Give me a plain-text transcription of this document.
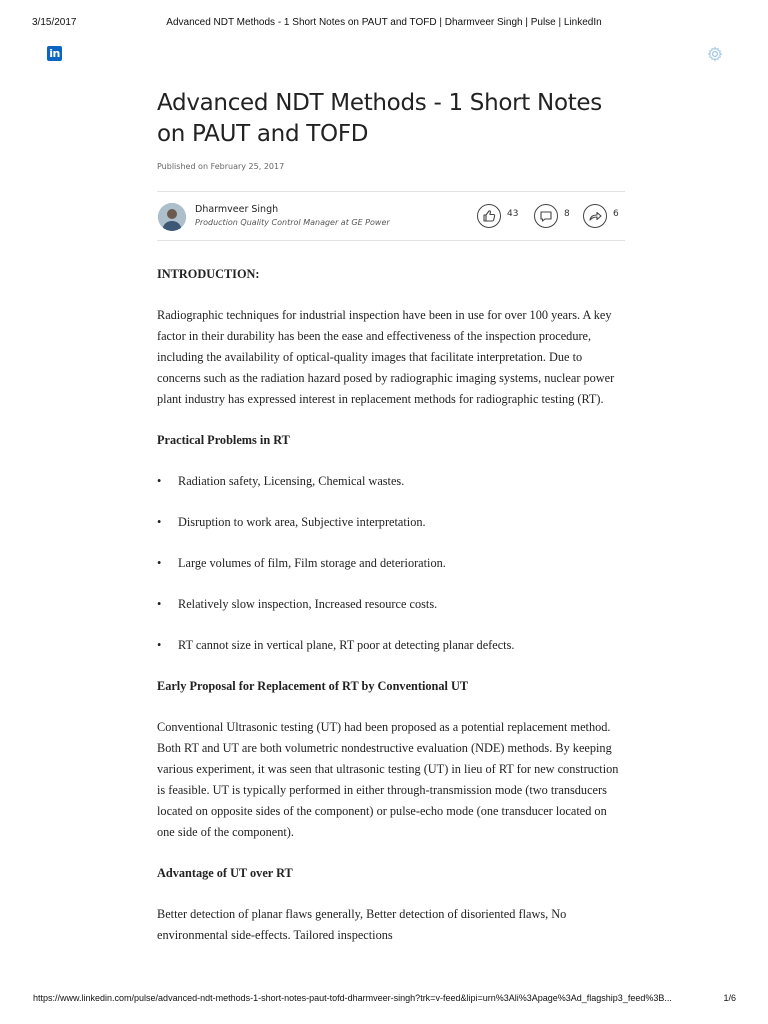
3/15/2017	Advanced NDT Methods - 1 Short Notes on PAUT and TOFD | Dharmveer Singh | Pulse | LinkedIn
in
Advanced NDT Methods - 1 Short Notes on PAUT and TOFD
Published on February 25, 2017
Dharmveer Singh
Production Quality Control Manager at GE Power
43	8	6

INTRODUCTION:

Radiographic techniques for industrial inspection have been in use for over 100 years. A key factor in their durability has been the ease and effectiveness of the inspection procedure, including the availability of optical-quality images that facilitate interpretation. Due to concerns such as the radiation hazard posed by radiographic imaging systems, nuclear power plant industry has expressed interest in replacement methods for radiographic testing (RT).

Practical Problems in RT

• Radiation safety, Licensing, Chemical wastes.
• Disruption to work area, Subjective interpretation.
• Large volumes of film, Film storage and deterioration.
• Relatively slow inspection, Increased resource costs.
• RT cannot size in vertical plane, RT poor at detecting planar defects.

Early Proposal for Replacement of RT by Conventional UT

Conventional Ultrasonic testing (UT) had been proposed as a potential replacement method. Both RT and UT are both volumetric nondestructive evaluation (NDE) methods. By keeping various experiment, it was seen that ultrasonic testing (UT) in lieu of RT for new construction is feasible. UT is typically performed in either through-transmission mode (two transducers located on opposite sides of the component) or pulse-echo mode (one transducer located on one side of the component).

Advantage of UT over RT

Better detection of planar flaws generally, Better detection of disoriented flaws, No environmental side-effects. Tailored inspections

https://www.linkedin.com/pulse/advanced-ndt-methods-1-short-notes-paut-tofd-dharmveer-singh?trk=v-feed&lipi=urn%3Ali%3Apage%3Ad_flagship3_feed%3B...	1/6
